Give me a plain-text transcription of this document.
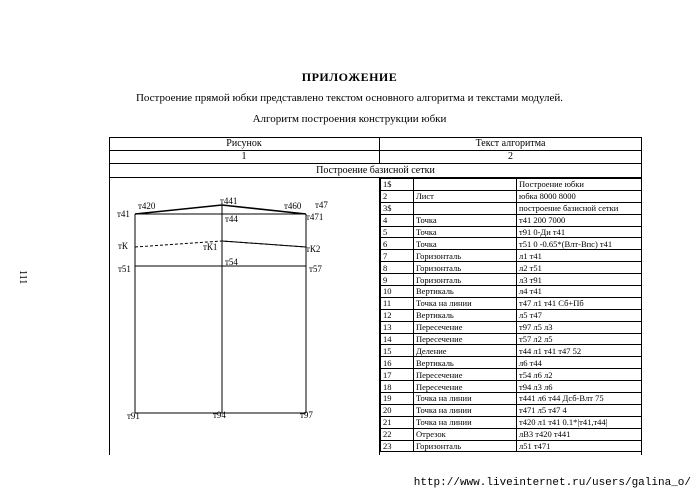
ПРИЛОЖЕНИЕ
Построение прямой юбки представлено текстом основного алгоритма и текстами модулей.
Алгоритм построения конструкции юбки
111
Рисунок	Текст алгоритма
1	2
Построение базисной сетки
т420	т441	т460 т47
т41	т44	т471
тК	тК1	тК2
т54
т51	т57
т91	т94	т97
1$		Построение юбки
2	Лист	юбка 8000 8000
3$		построение базисной сетки
4	Точка	т41 200 7000
5	Точка	т91 0-Ди т41
6	Точка	т51 0 -0.65*(Влт-Впс) т41
7	Горизонталь	л1 т41
8	Горизонталь	л2 т51
9	Горизонталь	л3 т91
10	Вертикаль	л4 т41
11	Точка на линии	т47 л1 т41 Сб+Пб
12	Вертикаль	л5 т47
13	Пересечение	т97 л5 л3
14	Пересечение	т57 л2 л5
15	Деление	т44 л1 т41 т47 52
16	Вертикаль	л6 т44
17	Пересечение	т54 л6 л2
18	Пересечение	т94 л3 л6
19	Точка на линии	т441 л6 т44 Дсб-Влт 75
20	Точка на линии	т471 л5 т47 4
21	Точка на линии	т420 л1 т41 0.1*|т41,т44|
22	Отрезок	лВ3 т420 т441
23	Горизонталь	л51 т471
http://www.liveinternet.ru/users/galina_o/
